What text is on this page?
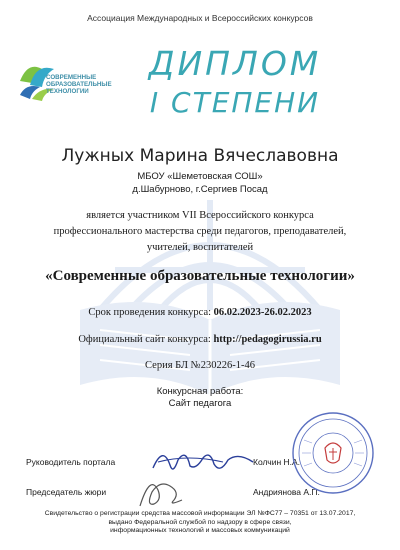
Ассоциация Международных и Всероссийских конкурсов
СОВРЕМЕННЫЕ
ОБРАЗОВАТЕЛЬНЫЕ
ТЕХНОЛОГИИ
ДИПЛОМ
I СТЕПЕНИ
Лужных Марина Вячеславовна
МБОУ «Шеметовская СОШ»
д.Шабурново, г.Сергиев Посад
является участником VII Всероссийского конкурса
профессионального мастерства среди педагогов, преподавателей,
учителей, воспитателей
«Современные образовательные технологии»
Срок проведения конкурса: 06.02.2023-26.02.2023
Официальный сайт конкурса: http://pedagogirussia.ru
Серия БЛ №230226-1-46
Конкурсная работа:
Сайт педагога
Руководитель портала	Колчин Н.А.
Председатель жюри	Андриянова А.П.
Свидетельство о регистрации средства массовой информации ЭЛ №ФС77 – 70351 от 13.07.2017,
выдано Федеральной службой по надзору в сфере связи,
информационных технологий и массовых коммуникаций
